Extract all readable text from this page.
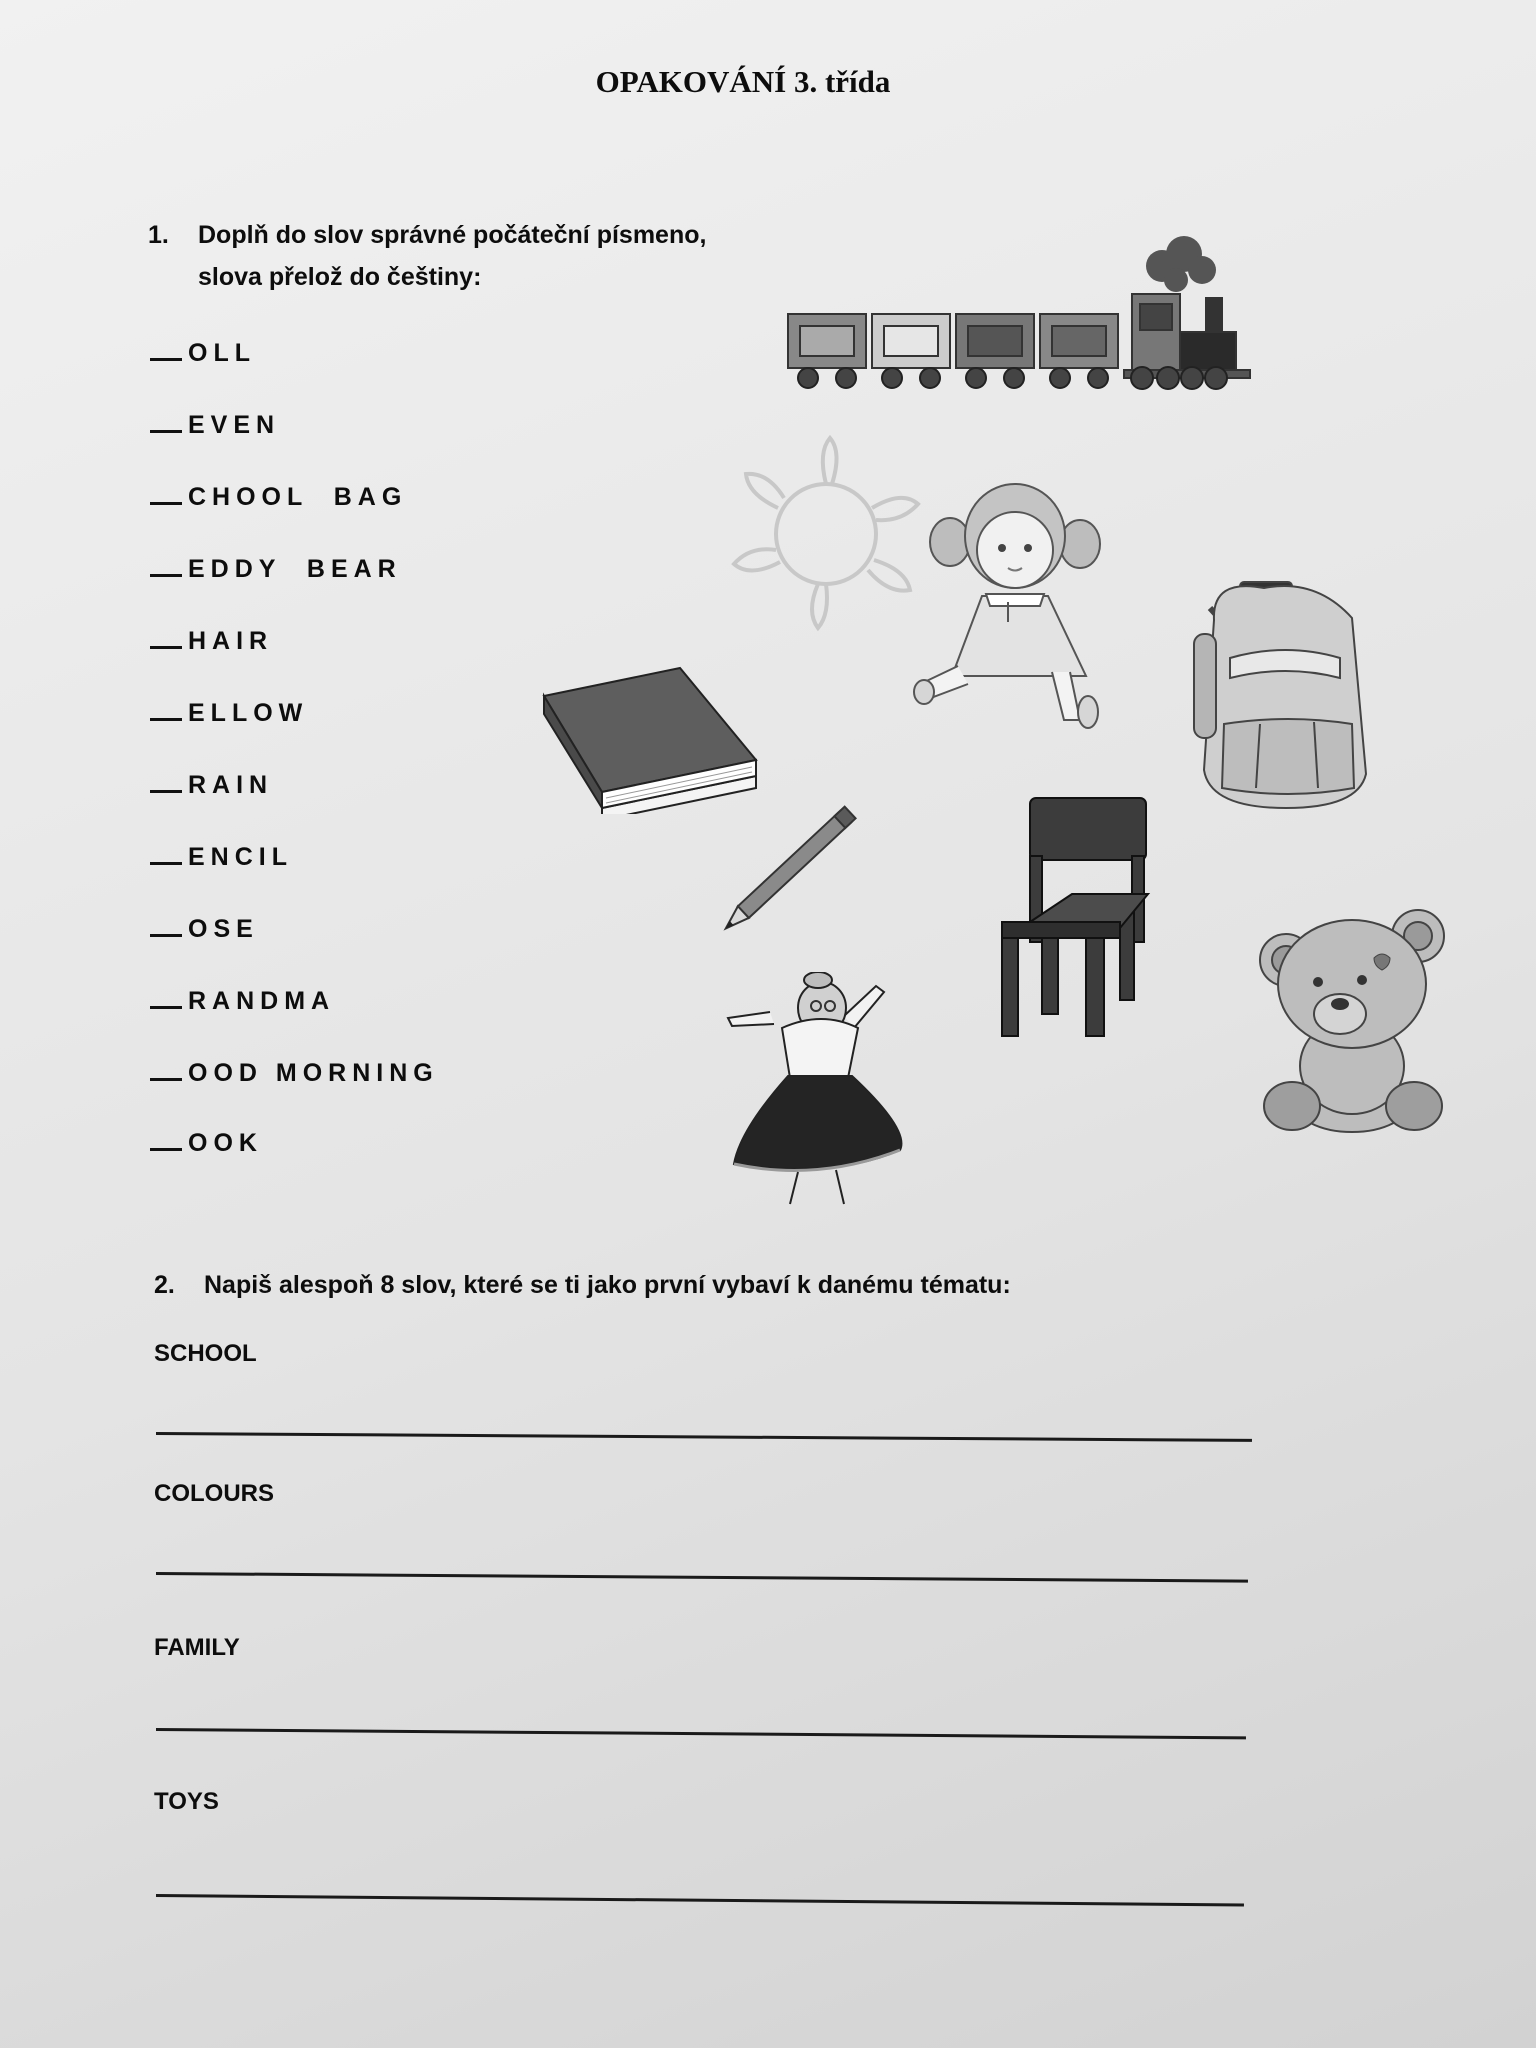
OPAKOVÁNÍ 3. třída
1. Doplň do slov správné počáteční písmeno,
slova přelož do češtiny:
OLL
EVEN
CHOOL  BAG
EDDY  BEAR
HAIR
ELLOW
RAIN
ENCIL
OSE
RANDMA
OOD MORNING
OOK
2. Napiš alespoň 8 slov, které se ti jako první vybaví k danému tématu:
SCHOOL
COLOURS
FAMILY
TOYS
